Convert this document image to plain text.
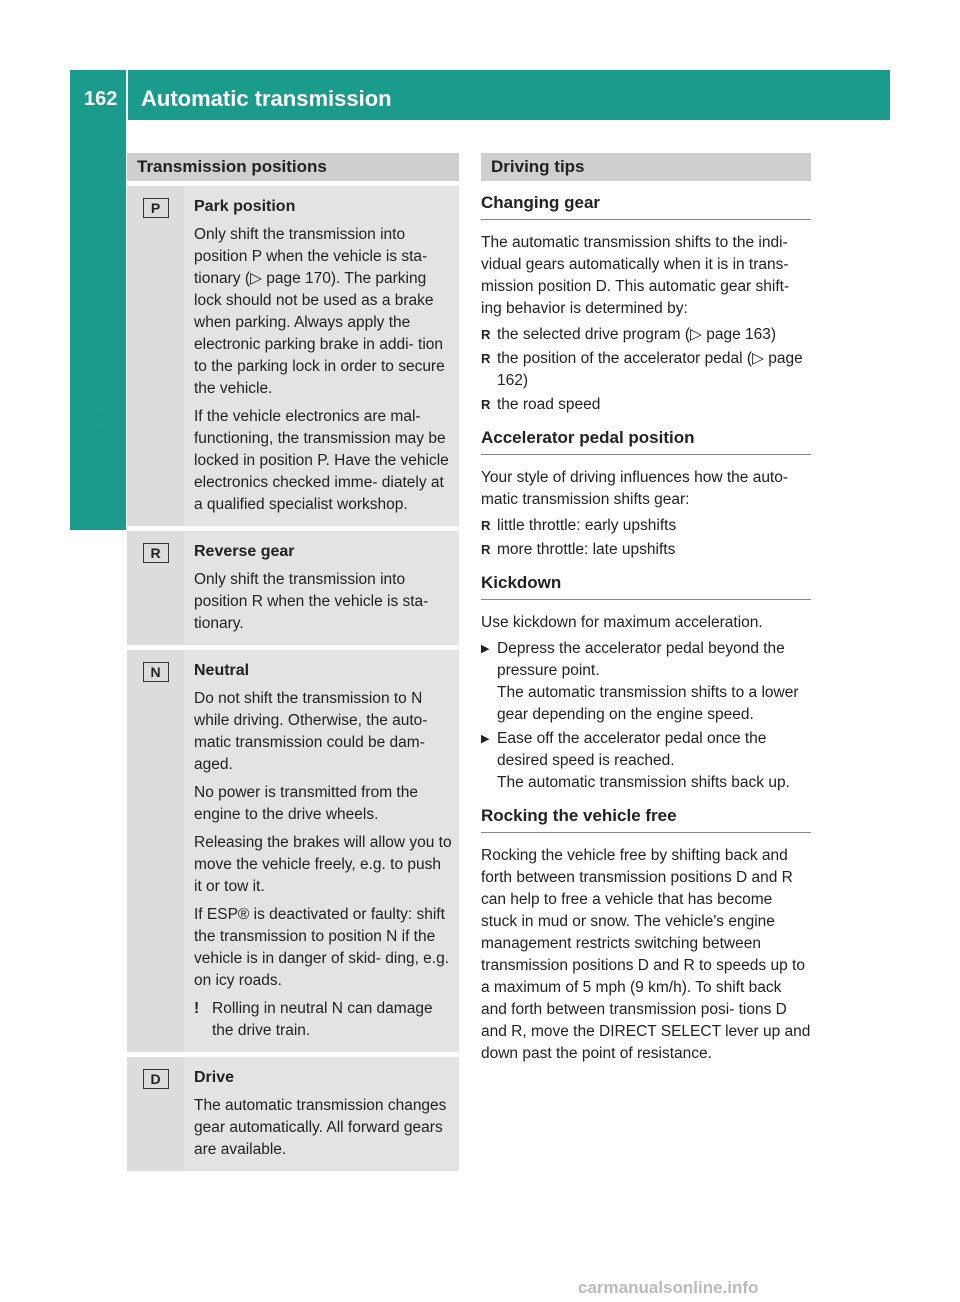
162 Automatic transmission
Driving and parking
Transmission positions
P	Park position

Only shift the transmission into position P when the vehicle is sta- tionary (▷ page 170). The parking lock should not be used as a brake when parking. Always apply the electronic parking brake in addi- tion to the parking lock in order to secure the vehicle.

If the vehicle electronics are mal- functioning, the transmission may be locked in position P. Have the vehicle electronics checked imme- diately at a qualified specialist workshop.

R	Reverse gear

Only shift the transmission into position R when the vehicle is sta- tionary.

N	Neutral

Do not shift the transmission to N while driving. Otherwise, the auto- matic transmission could be dam- aged.

No power is transmitted from the engine to the drive wheels.

Releasing the brakes will allow you to move the vehicle freely, e.g. to push it or tow it.

If ESP® is deactivated or faulty: shift the transmission to position N if the vehicle is in danger of skid- ding, e.g. on icy roads.

! Rolling in neutral N can damage the drive train.

D	Drive

The automatic transmission changes gear automatically. All forward gears are available.

Driving tips
Changing gear

The automatic transmission shifts to the indi- vidual gears automatically when it is in trans- mission position D. This automatic gear shift- ing behavior is determined by:

R the selected drive program (▷ page 163)
R the position of the accelerator pedal (▷ page 162)
R the road speed
Accelerator pedal position

Your style of driving influences how the auto- matic transmission shifts gear:

R little throttle: early upshifts
R more throttle: late upshifts
Kickdown

Use kickdown for maximum acceleration.

▶ Depress the accelerator pedal beyond the pressure point.
The automatic transmission shifts to a lower gear depending on the engine speed.
▶ Ease off the accelerator pedal once the desired speed is reached.
The automatic transmission shifts back up.
Rocking the vehicle free

Rocking the vehicle free by shifting back and forth between transmission positions D and R can help to free a vehicle that has become stuck in mud or snow. The vehicle's engine management restricts switching between transmission positions D and R to speeds up to a maximum of 5 mph (9 km/h). To shift back and forth between transmission posi- tions D and R, move the DIRECT SELECT lever up and down past the point of resistance.

carmanualsonline.info
